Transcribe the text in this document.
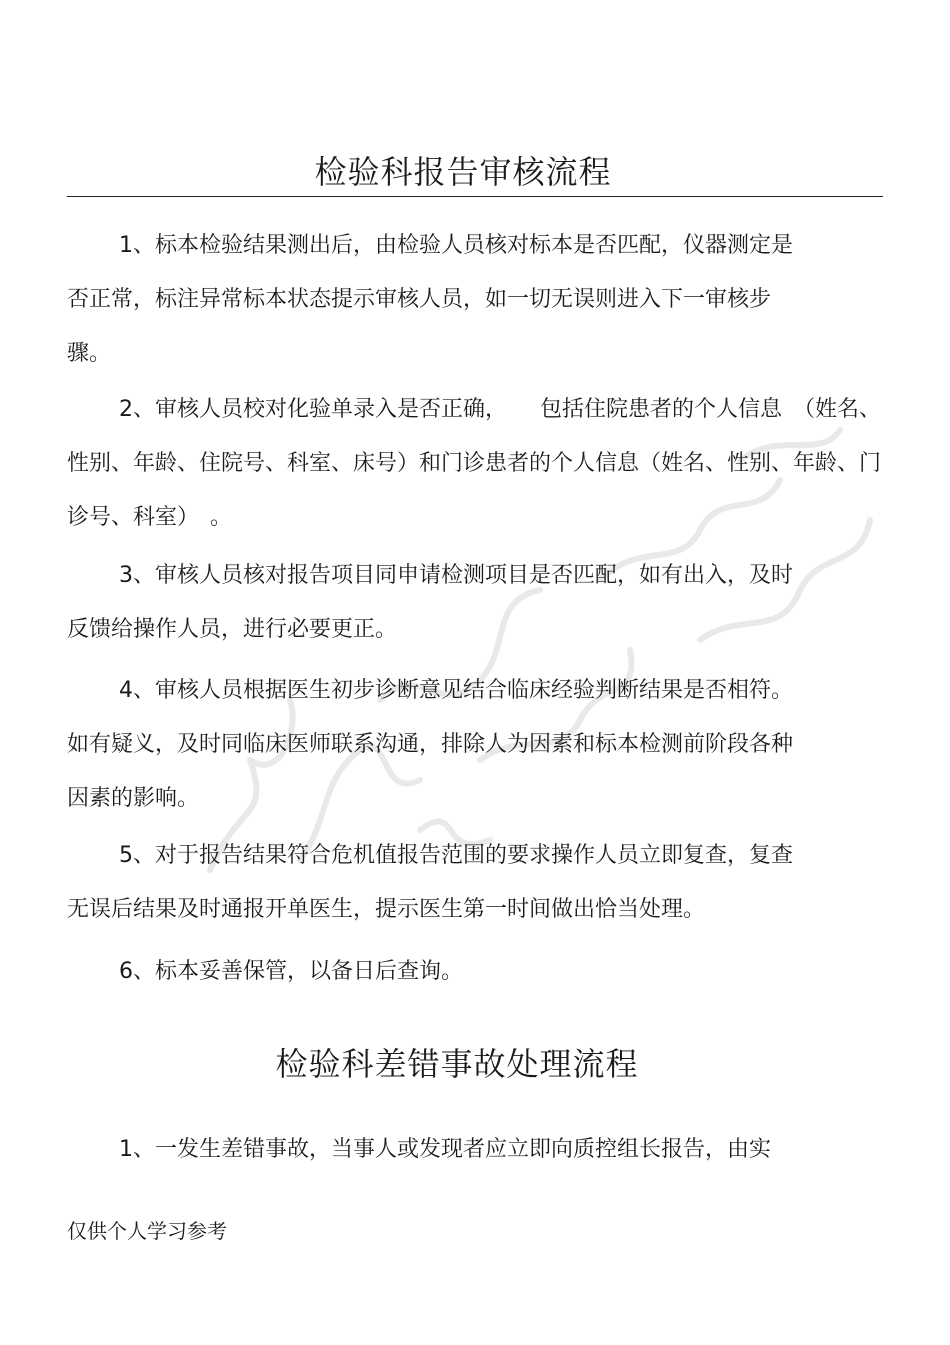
检验科报告审核流程
1、标本检验结果测出后，由检验人员核对标本是否匹配，仪器测定是否正常，标注异常标本状态提示审核人员，如一切无误则进入下一审核步骤。
2、审核人员校对化验单录入是否正确，　　包括住院患者的个人信息　（姓名、性别、年龄、住院号、科室、床号）和门诊患者的个人信息（姓名、性别、年龄、门诊号、科室）　。
3、审核人员核对报告项目同申请检测项目是否匹配，如有出入，及时反馈给操作人员，进行必要更正。
4、审核人员根据医生初步诊断意见结合临床经验判断结果是否相符。如有疑义，及时同临床医师联系沟通，排除人为因素和标本检测前阶段各种因素的影响。
5、对于报告结果符合危机值报告范围的要求操作人员立即复查，复查无误后结果及时通报开单医生，提示医生第一时间做出恰当处理。
6、标本妥善保管，以备日后查询。
检验科差错事故处理流程
1、一发生差错事故，当事人或发现者应立即向质控组长报告，由实
仅供个人学习参考
